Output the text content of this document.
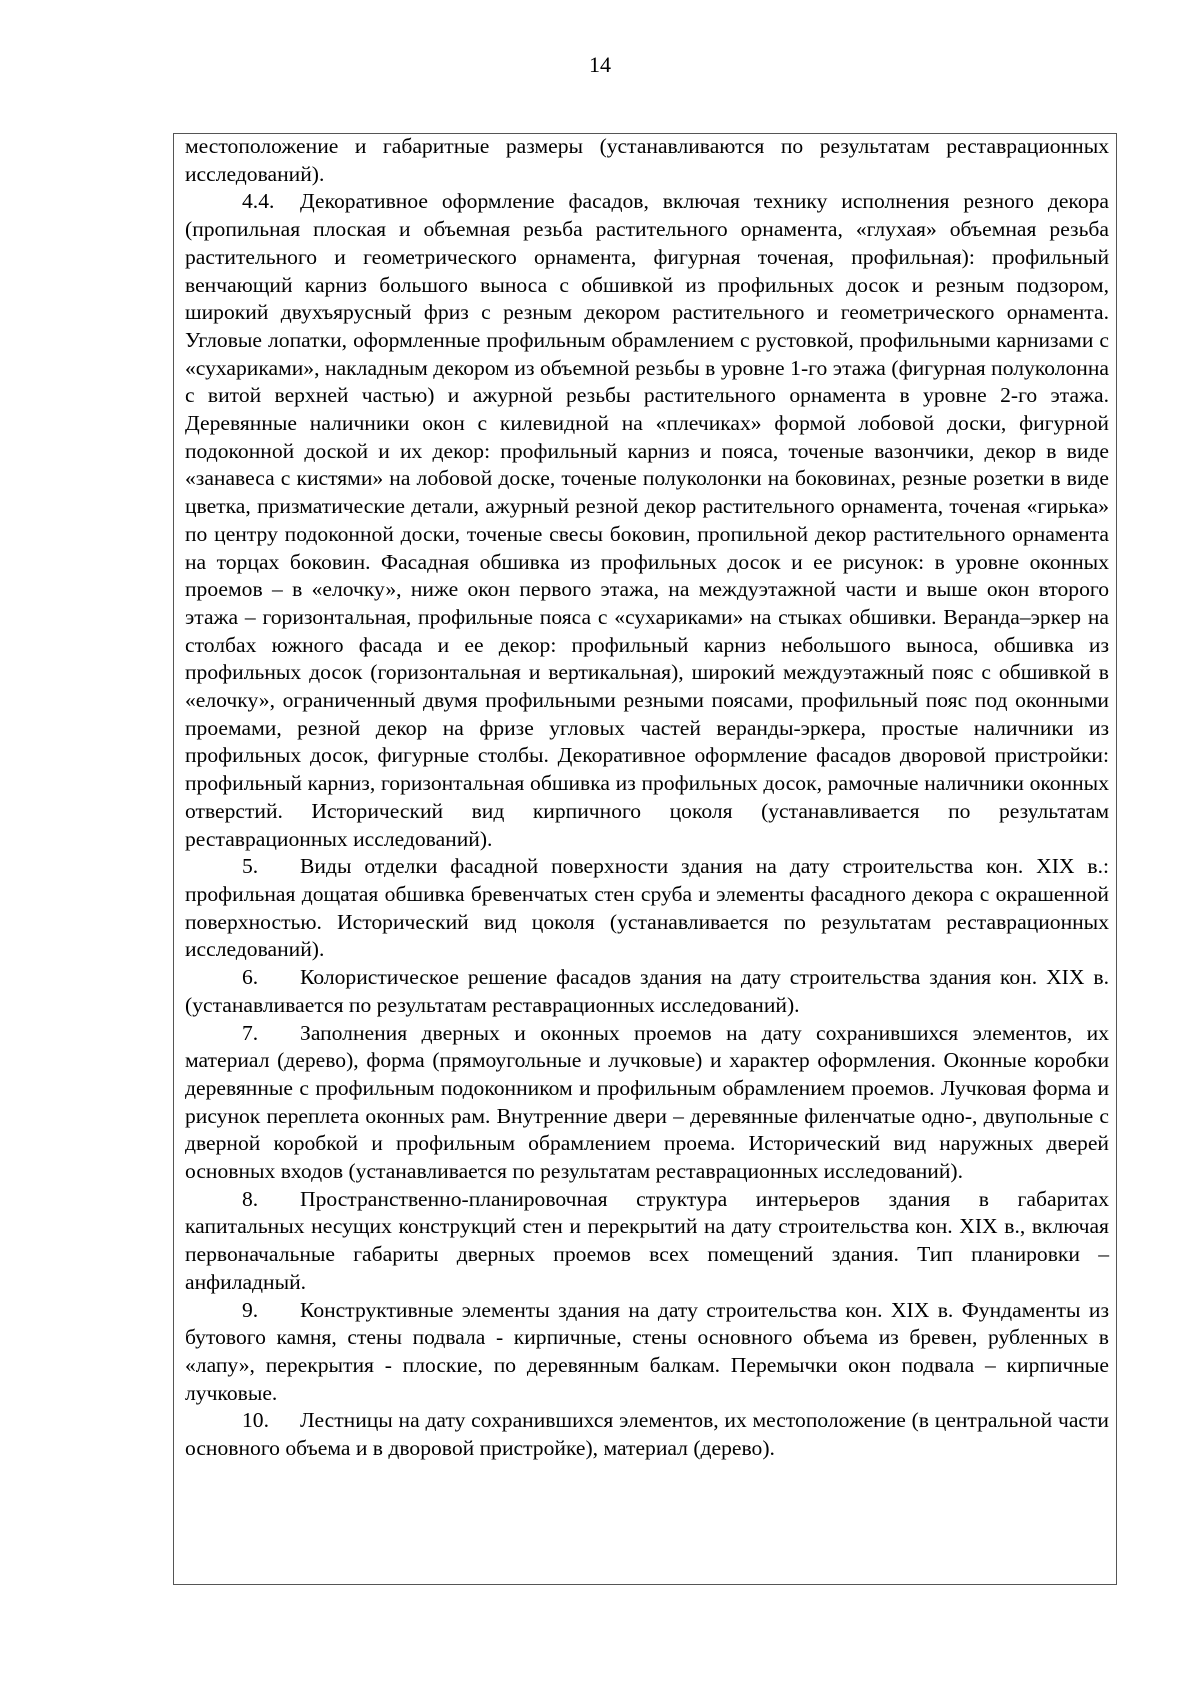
14

местоположение и габаритные размеры (устанавливаются по результатам реставрационных исследований).

4.4. Декоративное оформление фасадов, включая технику исполнения резного декора (пропильная плоская и объемная резьба растительного орнамента, «глухая» объемная резьба растительного и геометрического орнамента, фигурная точеная, профильная): профильный венчающий карниз большого выноса с обшивкой из профильных досок и резным подзором, широкий двухъярусный фриз с резным декором растительного и геометрического орнамента. Угловые лопатки, оформленные профильным обрамлением с рустовкой, профильными карнизами с «сухариками», накладным декором из объемной резьбы в уровне 1-го этажа (фигурная полуколонна с витой верхней частью) и ажурной резьбы растительного орнамента в уровне 2-го этажа. Деревянные наличники окон с килевидной на «плечиках» формой лобовой доски, фигурной подоконной доской и их декор: профильный карниз и пояса, точеные вазончики, декор в виде «занавеса с кистями» на лобовой доске, точеные полуколонки на боковинах, резные розетки в виде цветка, призматические детали, ажурный резной декор растительного орнамента, точеная «гирька» по центру подоконной доски, точеные свесы боковин, пропильной декор растительного орнамента на торцах боковин. Фасадная обшивка из профильных досок и ее рисунок: в уровне оконных проемов – в «елочку», ниже окон первого этажа, на междуэтажной части и выше окон второго этажа – горизонтальная, профильные пояса с «сухариками» на стыках обшивки. Веранда–эркер на столбах южного фасада и ее декор: профильный карниз небольшого выноса, обшивка из профильных досок (горизонтальная и вертикальная), широкий междуэтажный пояс с обшивкой в «елочку», ограниченный двумя профильными резными поясами, профильный пояс под оконными проемами, резной декор на фризе угловых частей веранды-эркера, простые наличники из профильных досок, фигурные столбы. Декоративное оформление фасадов дворовой пристройки: профильный карниз, горизонтальная обшивка из профильных досок, рамочные наличники оконных отверстий. Исторический вид кирпичного цоколя (устанавливается по результатам реставрационных исследований).

5. Виды отделки фасадной поверхности здания на дату строительства кон. XIX в.: профильная дощатая обшивка бревенчатых стен сруба и элементы фасадного декора с окрашенной поверхностью. Исторический вид цоколя (устанавливается по результатам реставрационных исследований).

6. Колористическое решение фасадов здания на дату строительства здания кон. XIX в. (устанавливается по результатам реставрационных исследований).

7. Заполнения дверных и оконных проемов на дату сохранившихся элементов, их материал (дерево), форма (прямоугольные и лучковые) и характер оформления. Оконные коробки деревянные с профильным подоконником и профильным обрамлением проемов. Лучковая форма и рисунок переплета оконных рам. Внутренние двери – деревянные филенчатые одно-, двупольные с дверной коробкой и профильным обрамлением проема. Исторический вид наружных дверей основных входов (устанавливается по результатам реставрационных исследований).

8. Пространственно-планировочная структура интерьеров здания в габаритах капитальных несущих конструкций стен и перекрытий на дату строительства кон. XIX в., включая первоначальные габариты дверных проемов всех помещений здания. Тип планировки – анфиладный.

9. Конструктивные элементы здания на дату строительства кон. XIX в. Фундаменты из бутового камня, стены подвала - кирпичные, стены основного объема из бревен, рубленных в «лапу», перекрытия - плоские, по деревянным балкам. Перемычки окон подвала – кирпичные лучковые.

10. Лестницы на дату сохранившихся элементов, их местоположение (в центральной части основного объема и в дворовой пристройке), материал (дерево).
